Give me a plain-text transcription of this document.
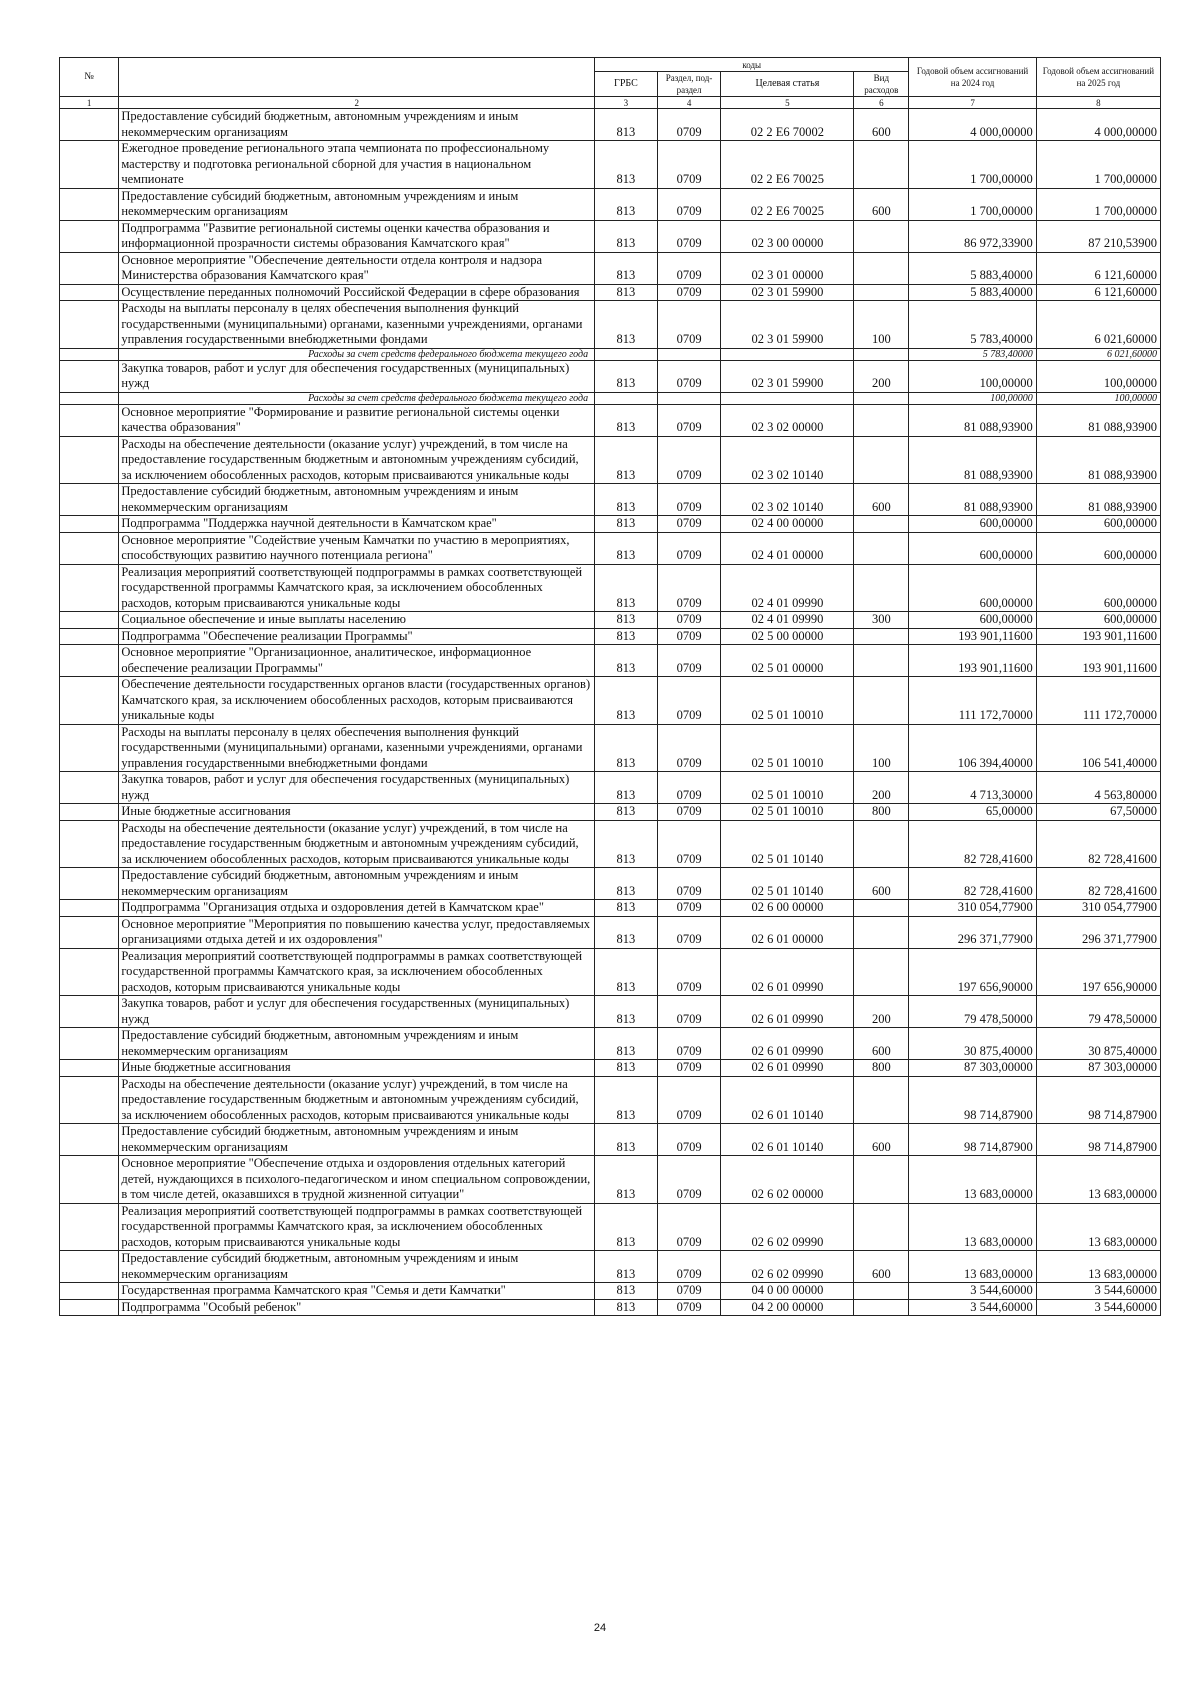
№		коды				Годовой объем ассигнований на 2024 год	Годовой объем ассигнований на 2025 год
		ГРБС	Раздел, под- раздел	Целевая статья	Вид расходов		
1	2	3	4	5	6	7	8
	Предоставление субсидий бюджетным, автономным учреждениям и иным некоммерческим организациям	813	0709	02 2 Е6 70002	600	4 000,00000	4 000,00000
	Ежегодное проведение регионального этапа чемпионата по профессиональному мастерству и подготовка региональной сборной для участия в национальном чемпионате	813	0709	02 2 Е6 70025		1 700,00000	1 700,00000
	Предоставление субсидий бюджетным, автономным учреждениям и иным некоммерческим организациям	813	0709	02 2 Е6 70025	600	1 700,00000	1 700,00000
	Подпрограмма "Развитие региональной системы оценки качества образования и информационной прозрачности системы образования Камчатского края"	813	0709	02 3 00 00000		86 972,33900	87 210,53900
	Основное мероприятие "Обеспечение деятельности отдела контроля и надзора Министерства образования Камчатского края"	813	0709	02 3 01 00000		5 883,40000	6 121,60000
	Осуществление переданных полномочий Российской Федерации в сфере образования	813	0709	02 3 01 59900		5 883,40000	6 121,60000
	Расходы на выплаты персоналу в целях обеспечения выполнения функций государственными (муниципальными) органами, казенными учреждениями, органами управления государственными внебюджетными фондами	813	0709	02 3 01 59900	100	5 783,40000	6 021,60000
	Расходы за счет средств федерального бюджета текущего года					5 783,40000	6 021,60000
	Закупка товаров, работ и услуг для обеспечения государственных (муниципальных) нужд	813	0709	02 3 01 59900	200	100,00000	100,00000
	Расходы за счет средств федерального бюджета текущего года					100,00000	100,00000
	Основное мероприятие "Формирование и развитие региональной системы оценки качества образования"	813	0709	02 3 02 00000		81 088,93900	81 088,93900
	Расходы на обеспечение деятельности (оказание услуг) учреждений, в том числе на предоставление государственным бюджетным и автономным учреждениям субсидий, за исключением обособленных расходов, которым присваиваются уникальные коды	813	0709	02 3 02 10140		81 088,93900	81 088,93900
	Предоставление субсидий бюджетным, автономным учреждениям и иным некоммерческим организациям	813	0709	02 3 02 10140	600	81 088,93900	81 088,93900
	Подпрограмма "Поддержка научной деятельности в Камчатском крае"	813	0709	02 4 00 00000		600,00000	600,00000
	Основное мероприятие "Содействие ученым Камчатки по участию в мероприятиях, способствующих развитию научного потенциала региона"	813	0709	02 4 01 00000		600,00000	600,00000
	Реализация мероприятий соответствующей подпрограммы в рамках соответствующей государственной программы Камчатского края, за исключением обособленных расходов, которым присваиваются уникальные коды	813	0709	02 4 01 09990		600,00000	600,00000
	Социальное обеспечение и иные выплаты населению	813	0709	02 4 01 09990	300	600,00000	600,00000
	Подпрограмма "Обеспечение реализации Программы"	813	0709	02 5 00 00000		193 901,11600	193 901,11600
	Основное мероприятие "Организационное, аналитическое, информационное обеспечение реализации Программы"	813	0709	02 5 01 00000		193 901,11600	193 901,11600
	Обеспечение деятельности государственных органов власти (государственных органов) Камчатского края, за исключением обособленных расходов, которым присваиваются уникальные коды	813	0709	02 5 01 10010		111 172,70000	111 172,70000
	Расходы на выплаты персоналу в целях обеспечения выполнения функций государственными (муниципальными) органами, казенными учреждениями, органами управления государственными внебюджетными фондами	813	0709	02 5 01 10010	100	106 394,40000	106 541,40000
	Закупка товаров, работ и услуг для обеспечения государственных (муниципальных) нужд	813	0709	02 5 01 10010	200	4 713,30000	4 563,80000
	Иные бюджетные ассигнования	813	0709	02 5 01 10010	800	65,00000	67,50000
	Расходы на обеспечение деятельности (оказание услуг) учреждений, в том числе на предоставление государственным бюджетным и автономным учреждениям субсидий, за исключением обособленных расходов, которым присваиваются уникальные коды	813	0709	02 5 01 10140		82 728,41600	82 728,41600
	Предоставление субсидий бюджетным, автономным учреждениям и иным некоммерческим организациям	813	0709	02 5 01 10140	600	82 728,41600	82 728,41600
	Подпрограмма "Организация отдыха и оздоровления детей в Камчатском крае"	813	0709	02 6 00 00000		310 054,77900	310 054,77900
	Основное мероприятие "Мероприятия по повышению качества услуг, предоставляемых организациями отдыха детей и их оздоровления"	813	0709	02 6 01 00000		296 371,77900	296 371,77900
	Реализация мероприятий соответствующей подпрограммы в рамках соответствующей государственной программы Камчатского края, за исключением обособленных расходов, которым присваиваются уникальные коды	813	0709	02 6 01 09990		197 656,90000	197 656,90000
	Закупка товаров, работ и услуг для обеспечения государственных (муниципальных) нужд	813	0709	02 6 01 09990	200	79 478,50000	79 478,50000
	Предоставление субсидий бюджетным, автономным учреждениям и иным некоммерческим организациям	813	0709	02 6 01 09990	600	30 875,40000	30 875,40000
	Иные бюджетные ассигнования	813	0709	02 6 01 09990	800	87 303,00000	87 303,00000
	Расходы на обеспечение деятельности (оказание услуг) учреждений, в том числе на предоставление государственным бюджетным и автономным учреждениям субсидий, за исключением обособленных расходов, которым присваиваются уникальные коды	813	0709	02 6 01 10140		98 714,87900	98 714,87900
	Предоставление субсидий бюджетным, автономным учреждениям и иным некоммерческим организациям	813	0709	02 6 01 10140	600	98 714,87900	98 714,87900
	Основное мероприятие "Обеспечение отдыха и оздоровления отдельных категорий детей, нуждающихся в психолого-педагогическом и ином специальном сопровождении, в том числе детей, оказавшихся в трудной жизненной ситуации"	813	0709	02 6 02 00000		13 683,00000	13 683,00000
	Реализация мероприятий соответствующей подпрограммы в рамках соответствующей государственной программы Камчатского края, за исключением обособленных расходов, которым присваиваются уникальные коды	813	0709	02 6 02 09990		13 683,00000	13 683,00000
	Предоставление субсидий бюджетным, автономным учреждениям и иным некоммерческим организациям	813	0709	02 6 02 09990	600	13 683,00000	13 683,00000
	Государственная программа Камчатского края "Семья и дети Камчатки"	813	0709	04 0 00 00000		3 544,60000	3 544,60000
	Подпрограмма "Особый ребенок"	813	0709	04 2 00 00000		3 544,60000	3 544,60000
24
